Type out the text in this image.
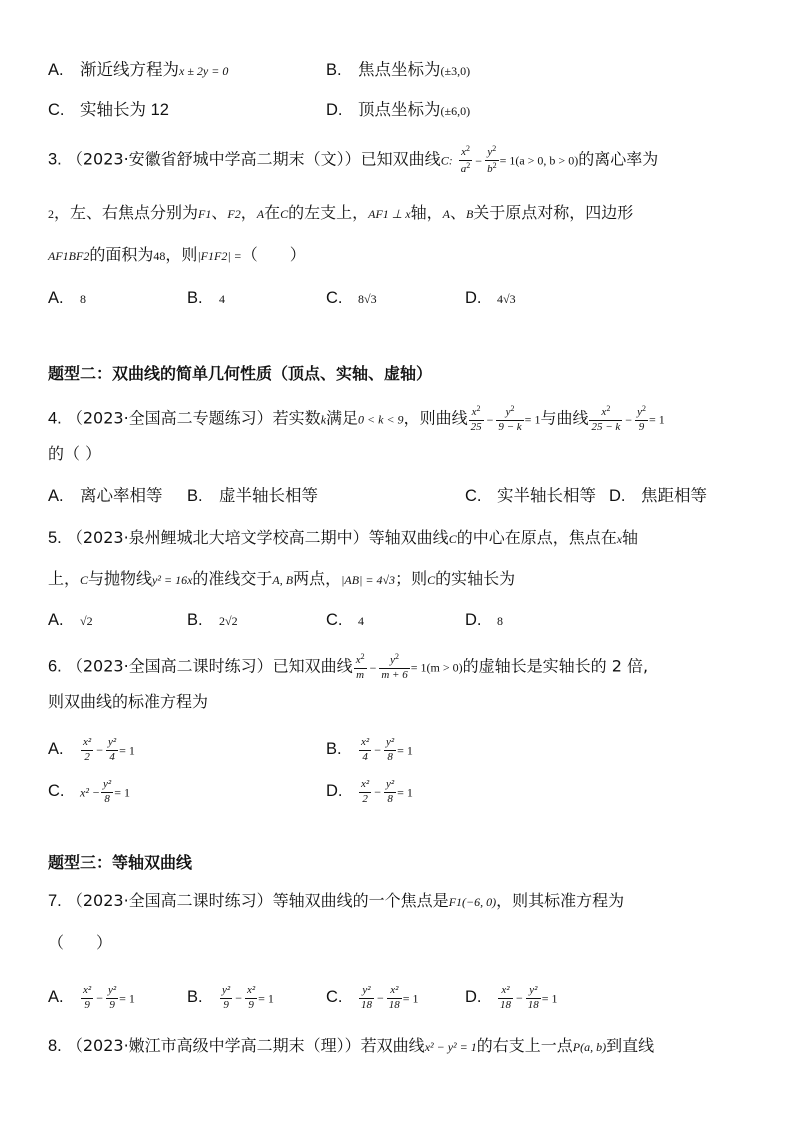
A. 渐近线方程为x ± 2y = 0	B. 焦点坐标为(±3,0)
C. 实轴长为 12	D. 顶点坐标为(±6,0)
3. （2023·安徽省舒城中学高二期末（文））已知双曲线C: $\frac{x^2}{a^2} - \frac{y^2}{b^2} = 1(a > 0$, b > 0)的离心率为
2，左、右焦点分别为F1、F2，A在C的左支上，AF1 ⊥ x轴，A、B关于原点对称，四边形
AF1BF2的面积为48，则|F1F2| =（　　）
A. 8	B. 4	C. 8√3	D. 4√3
题型二：双曲线的简单几何性质（顶点、实轴、虚轴）
4. （2023·全国高二专题练习）若实数k满足0 < k < 9，则曲线 $\frac{x^2}{25} - \frac{y^2}{9 - k} = 1$与曲线 $\frac{x^2}{25 - k} - \frac{y^2}{9} = 1$
的（ ）
A. 离心率相等 B. 虚半轴长相等	C. 实半轴长相等 D. 焦距相等
5. （2023·泉州鲤城北大培文学校高二期中）等轴双曲线C的中心在原点，焦点在x轴
上，C与抛物线y² = 16x的准线交于A, B两点，|AB| = 4√3；则C的实轴长为
A. √2	B. 2√2	C. 4	D. 8
6. （2023·全国高二课时练习）已知双曲线 $\frac{x^2}{m} - \frac{y^2}{m + 6} = 1(m > 0)$的虚轴长是实轴长的 2 倍,
则双曲线的标准方程为
A. $\frac{\text{x²}}{2} - \frac{\text{y²}}{4} = 1$	B. $\frac{\text{x²}}{4} - \frac{\text{y²}}{8} = 1$
C. $x^2 - \frac{\text{y²}}{8} = 1$	D. $\frac{\text{x²}}{2} - \frac{\text{y²}}{8} = 1$
题型三：等轴双曲线
7. （2023·全国高二课时练习）等轴双曲线的一个焦点是F1(−6, 0)，则其标准方程为
（　　）
A. $\frac{\text{x²}}{9} - \frac{\text{y²}}{9} = 1$	B. $\frac{\text{y²}}{9} - \frac{\text{x²}}{9} = 1$	C. $\frac{\text{y²}}{18} - \frac{\text{x²}}{18} = 1$	D. $\frac{\text{x²}}{18} - \frac{\text{y²}}{18} = 1$
8. （2023·嫩江市高级中学高二期末（理））若双曲线x² − y² = 1的右支上一点P(a, b)到直线
